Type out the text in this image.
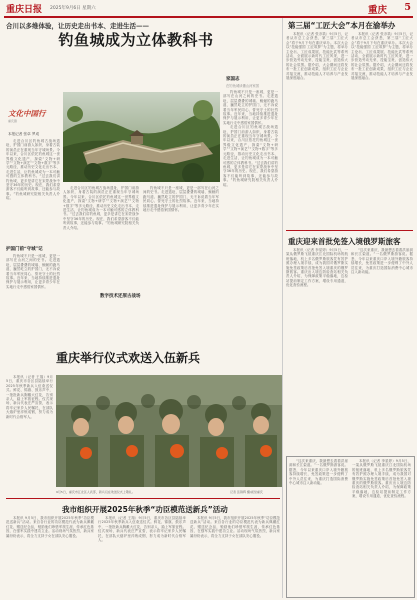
重庆日报 2025年9月6日 星期六	重庆 5
合川以多维体验，让历史走出书本、走进生活——
钓鱼城成为立体教科书
文化中国行
重庆篇
本报记者 张卓 罗成

走进合川区钓鱼城古战场遗址，护国门前游人如织，身着古装的演员正在重现当年守城场景。今年以来，合川区依托钓鱼城这一世界级文化遗产，探索“文物+研学”“文物+演艺”“文物+数字”等多元路径，推动历史文化走出书本、走进生活，让钓鱼城成为一本可触可感的立体教科书。“过去我们讲钓鱼城，更多是讲它在宋蒙战争中坚守36年的历史。现在，我们希望游客不仅能听到故事，还能参与故事。”钓鱼城研究院相关负责人介绍。

护国门前“守城”记

钓鱼城不只是一座城，更是一部写在山河之间的史书。走进遗址，层层叠叠的城墙、蜿蜒的跑马道、巍然屹立的护国门，无不诉说着当年军民同心、誓死守土的壮烈故事。近年来，当地持续推进遗址保护与展示利用，让更多青少年在实地行走中感悟家国情怀。

走进合川区钓鱼城古战场遗址，护国门前游人如织，身着古装的演员正在重现当年守城场景。今年以来，合川区依托钓鱼城这一世界级文化遗产，探索“文物+研学”“文物+演艺”“文物+数字”等多元路径，推动历史文化走出书本、走进生活，让钓鱼城成为一本可触可感的立体教科书。“过去我们讲钓鱼城，更多是讲它在宋蒙战争中坚守36年的历史。现在，我们希望游客不仅能听到故事，还能参与故事。”钓鱼城研究院相关负责人介绍。

数字技术还原古战场

钓鱼城不只是一座城，更是一部写在山河之间的史书。走进遗址，层层叠叠的城墙、蜿蜒的跑马道、巍然屹立的护国门，无不诉说着当年军民同心、誓死守土的壮烈故事。近年来，当地持续推进遗址保护与展示利用，让更多青少年在实地行走中感悟家国情怀。

家国志
在钓鱼城读懂山河家国

钓鱼城不只是一座城，更是一部写在山河之间的史书。走进遗址，层层叠叠的城墙、蜿蜒的跑马道、巍然屹立的护国门，无不诉说着当年军民同心、誓死守土的壮烈故事。近年来，当地持续推进遗址保护与展示利用，让更多青少年在实地行走中感悟家国情怀。

走进合川区钓鱼城古战场遗址，护国门前游人如织，身着古装的演员正在重现当年守城场景。今年以来，合川区依托钓鱼城这一世界级文化遗产，探索“文物+研学”“文物+演艺”“文物+数字”等多元路径，推动历史文化走出书本、走进生活，让钓鱼城成为一本可触可感的立体教科书。“过去我们讲钓鱼城，更多是讲它在宋蒙战争中坚守36年的历史。现在，我们希望游客不仅能听到故事，还能参与故事。”钓鱼城研究院相关负责人介绍。

重庆举行仪式欢送入伍新兵
9月5日，重庆市江北区人武部，新兵们在欢送仪式上敬礼。	记者 张锦辉 摄/视觉重庆

本报讯（记者 王翔）9月5日，重庆市各区县陆续举行2025年秋季新兵入伍欢送仪式。鲜花、锦旗、鼓乐声中，一批批新兵胸戴大红花，告别亲人，踏上军旅征程。仪式现场，新兵代表庄严宣誓，表示将牢记家乡人民嘱托，在部队大熔炉里淬炼成钢，努力成为新时代合格军人。

我市组织开展2025年秋季“功臣模范送新兵”活动

本报讯 9月5日，我市组织开展2025年秋季“功臣模范送新兵”活动。来自各行业的功臣模范代表为新兵佩戴红花、赠送纪念品，勉励他们珍惜军旅生涯，传承红色基因，在强军实践中建功立业。活动现场气氛热烈，新兵家属纷纷表示，将全力支持子女在部队安心服役。

本报讯（记者 王翔）9月5日，重庆市各区县陆续举行2025年秋季新兵入伍欢送仪式。鲜花、锦旗、鼓乐声中，一批批新兵胸戴大红花，告别亲人，踏上军旅征程。仪式现场，新兵代表庄严宣誓，表示将牢记家乡人民嘱托，在部队大熔炉里淬炼成钢，努力成为新时代合格军人。

本报讯 9月5日，我市组织开展2025年秋季“功臣模范送新兵”活动。来自各行业的功臣模范代表为新兵佩戴红花、赠送纪念品，勉励他们珍惜军旅生涯，传承红色基因，在强军实践中建功立业。活动现场气氛热烈，新兵家属纷纷表示，将全力支持子女在部队安心服役。

第三届“工匠大会”本月在渝举办

本报讯（记者 张亦筑）9月5日，记者从市总工会获悉，第三届“工匠大会”将于9月下旬在重庆举办。本次大会以“技能强国 工匠筑梦”为主题，将举办主论坛、工匠成果展、技能比武等系列活动，全面展示新时代工匠风采，进一步营造劳动光荣、技能宝贵、创造伟大的社会氛围。据介绍，大会期间还将发布一批工匠创新成果，组织工匠与企业对接交流，推动技能人才培养与产业发展深度融合。

本报讯（记者 张亦筑）9月5日，记者从市总工会获悉，第三届“工匠大会”将于9月下旬在重庆举办。本次大会以“技能强国 工匠筑梦”为主题，将举办主论坛、工匠成果展、技能比武等系列活动，全面展示新时代工匠风采，进一步营造劳动光荣、技能宝贵、创造伟大的社会氛围。据介绍，大会期间还将发布一批工匠创新成果，组织工匠与企业对接交流，推动技能人才培养与产业发展深度融合。

重庆迎来首批免签入境俄罗斯旅客

本报讯（记者 李星婷）9月5日，一架从俄罗斯飞抵重庆江北国际机场的航班落地，机上多名俄罗斯旅客凭有效护照办理入境手续，成为我国对俄罗斯实施免签政策后首批免签入境重庆的俄罗斯旅客。重庆出入境边防检查站相关负责人介绍，为保障政策平稳落地，边检站提前制定工作方案，增设专用通道，优化查验流程。

“这次来重庆，我最想去看看洪崖洞和长江索道。”一名俄罗斯游客说。据悉，今年以来重庆口岸入境外籍旅客持续增长，免签政策进一步便利了中外人员往来，为重庆打造国际消费中心城市注入新动能。

“这次来重庆，我最想去看看洪崖洞和长江索道。”一名俄罗斯游客说。据悉，今年以来重庆口岸入境外籍旅客持续增长，免签政策进一步便利了中外人员往来，为重庆打造国际消费中心城市注入新动能。

本报讯（记者 李星婷）9月5日，一架从俄罗斯飞抵重庆江北国际机场的航班落地，机上多名俄罗斯旅客凭有效护照办理入境手续，成为我国对俄罗斯实施免签政策后首批免签入境重庆的俄罗斯旅客。重庆出入境边防检查站相关负责人介绍，为保障政策平稳落地，边检站提前制定工作方案，增设专用通道，优化查验流程。
